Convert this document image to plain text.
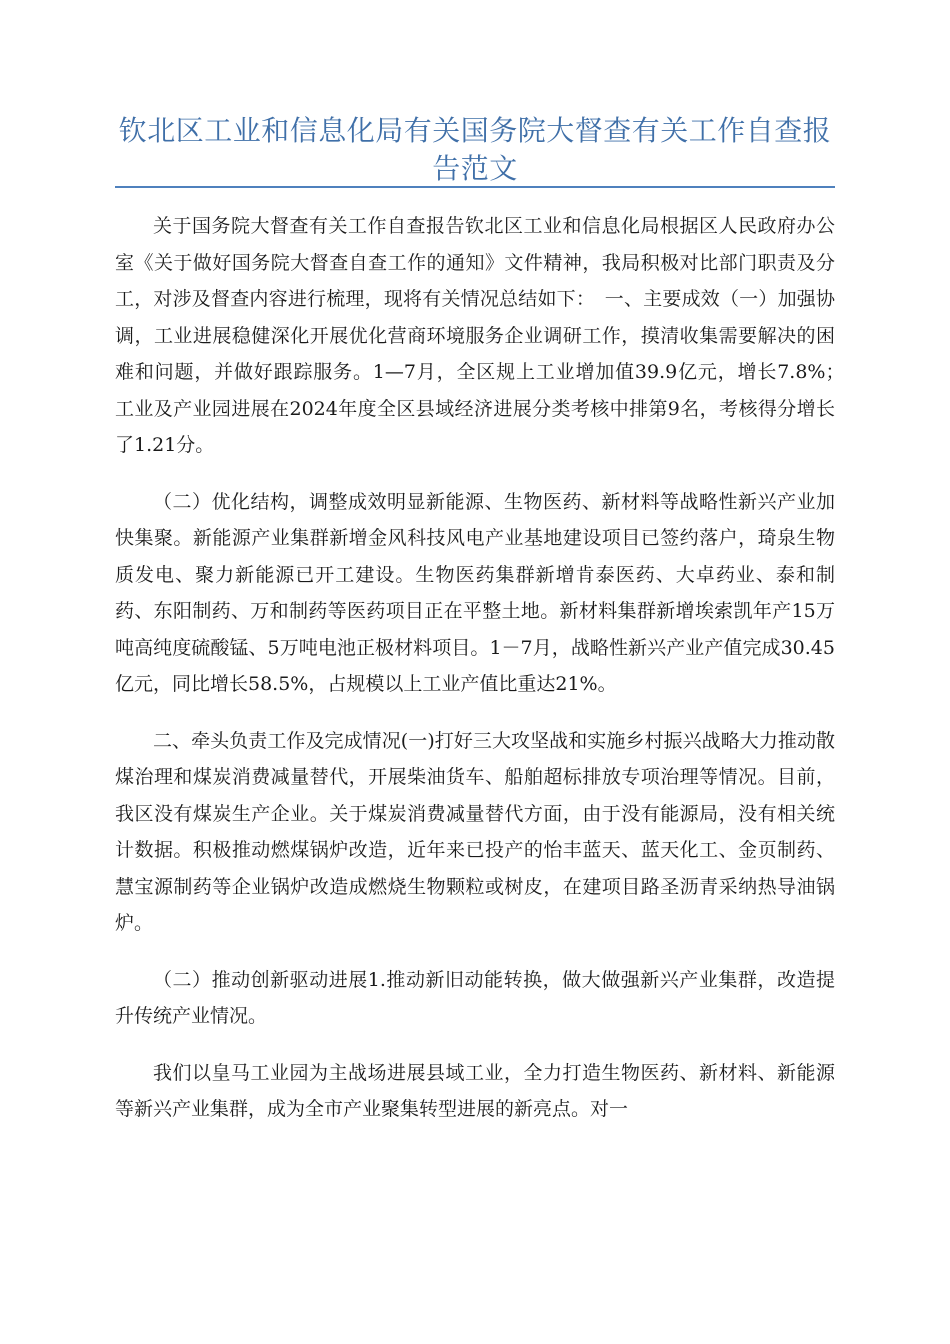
钦北区工业和信息化局有关国务院大督查有关工作自查报告范文

关于国务院大督查有关工作自查报告钦北区工业和信息化局根据区人民政府办公室《关于做好国务院大督查自查工作的通知》文件精神，我局积极对比部门职责及分工，对涉及督查内容进行梳理，现将有关情况总结如下：　一、主要成效（一）加强协调，工业进展稳健深化开展优化营商环境服务企业调研工作，摸清收集需要解决的困难和问题，并做好跟踪服务。1—7月，全区规上工业增加值39.9亿元，增长7.8%；　工业及产业园进展在2024年度全区县域经济进展分类考核中排第9名，考核得分增长了1.21分。

（二）优化结构，调整成效明显新能源、生物医药、新材料等战略性新兴产业加快集聚。新能源产业集群新增金风科技风电产业基地建设项目已签约落户，琦泉生物质发电、聚力新能源已开工建设。生物医药集群新增肯泰医药、大卓药业、泰和制药、东阳制药、万和制药等医药项目正在平整土地。新材料集群新增埃索凯年产15万吨高纯度硫酸锰、5万吨电池正极材料项目。1－7月，战略性新兴产业产值完成30.45亿元，同比增长58.5%，占规模以上工业产值比重达21%。

二、牵头负责工作及完成情况(一)打好三大攻坚战和实施乡村振兴战略大力推动散煤治理和煤炭消费减量替代，开展柴油货车、船舶超标排放专项治理等情况。目前，我区没有煤炭生产企业。关于煤炭消费减量替代方面，由于没有能源局，没有相关统计数据。积极推动燃煤锅炉改造，近年来已投产的怡丰蓝天、蓝天化工、金页制药、慧宝源制药等企业锅炉改造成燃烧生物颗粒或树皮，在建项目路圣沥青采纳热导油锅炉。

（二）推动创新驱动进展1.推动新旧动能转换，做大做强新兴产业集群，改造提升传统产业情况。

我们以皇马工业园为主战场进展县域工业，全力打造生物医药、新材料、新能源等新兴产业集群，成为全市产业聚集转型进展的新亮点。对一
